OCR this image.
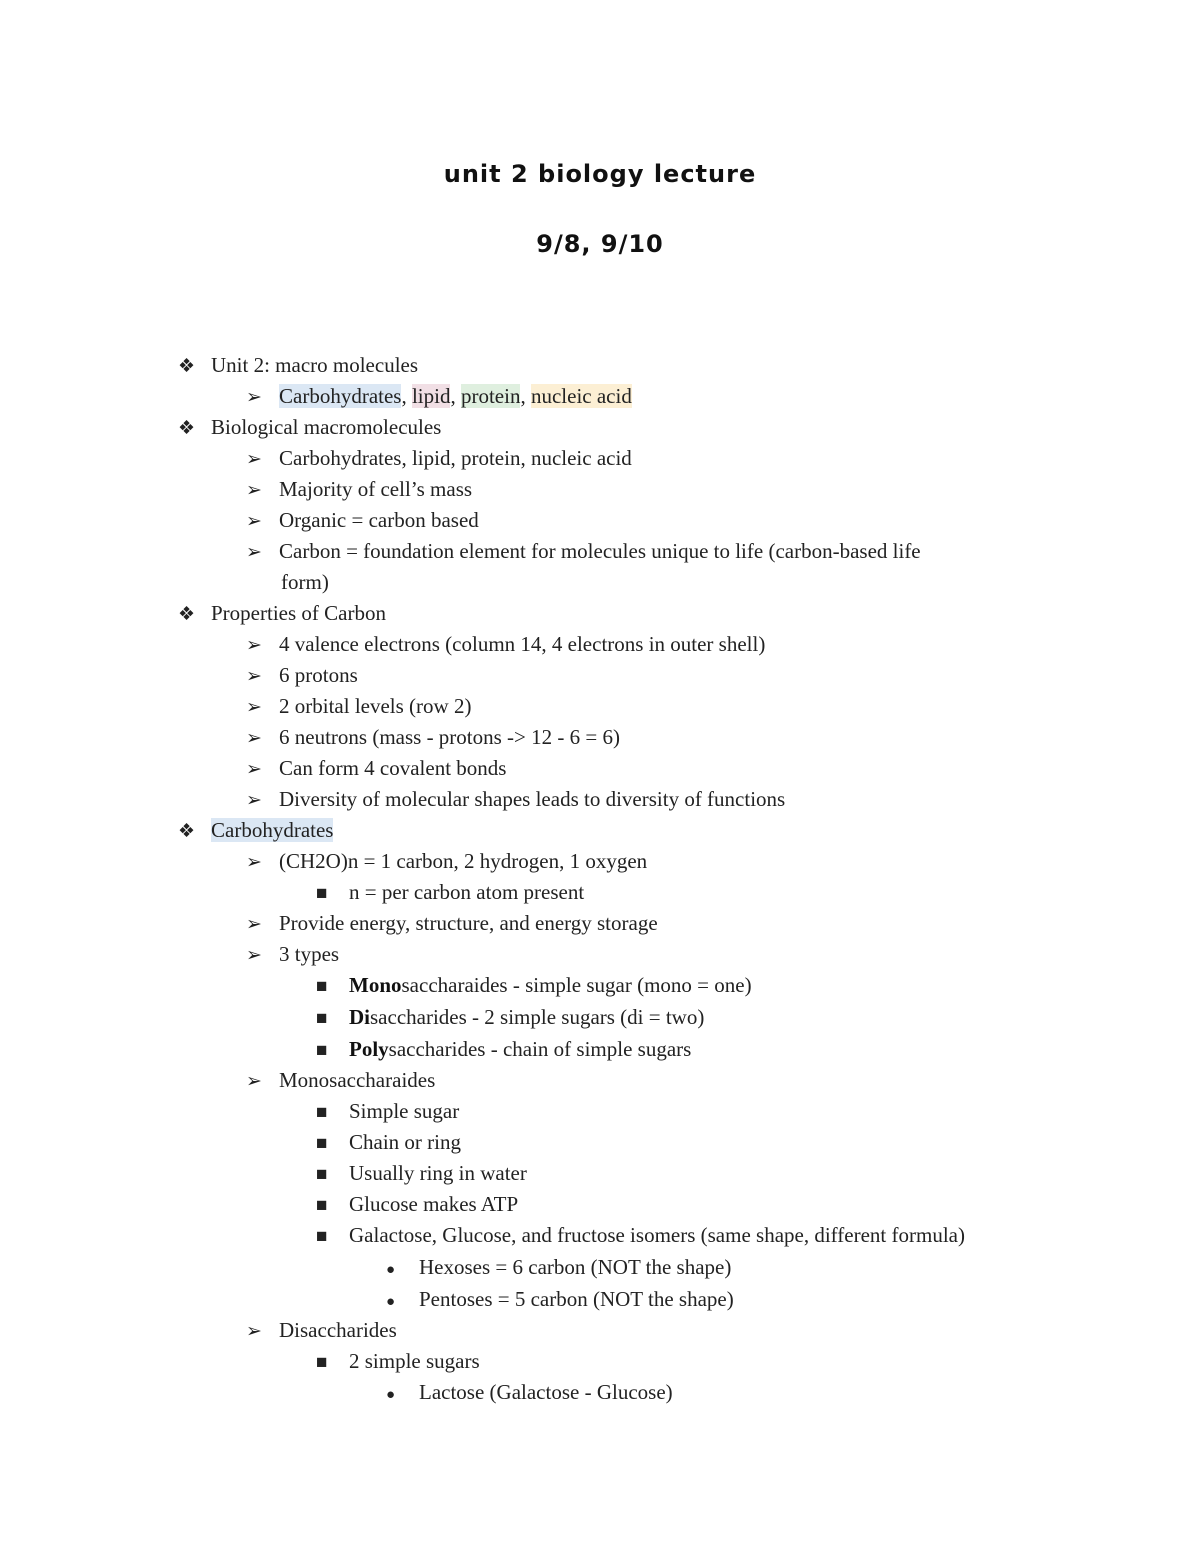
unit 2 biology lecture
9/8, 9/10
❖ Unit 2: macro molecules
➢ Carbohydrates, lipid, protein, nucleic acid
❖ Biological macromolecules
➢ Carbohydrates, lipid, protein, nucleic acid
➢ Majority of cell’s mass
➢ Organic = carbon based
➢ Carbon = foundation element for molecules unique to life (carbon-based life
form)
❖ Properties of Carbon
➢ 4 valence electrons (column 14, 4 electrons in outer shell)
➢ 6 protons
➢ 2 orbital levels (row 2)
➢ 6 neutrons (mass - protons -> 12 - 6 = 6)
➢ Can form 4 covalent bonds
➢ Diversity of molecular shapes leads to diversity of functions
❖ Carbohydrates
➢ (CH2O)n = 1 carbon, 2 hydrogen, 1 oxygen
■ n = per carbon atom present
➢ Provide energy, structure, and energy storage
➢ 3 types
■ Monosaccharaides - simple sugar (mono = one)
■ Disaccharides - 2 simple sugars (di = two)
■ Polysaccharides - chain of simple sugars
➢ Monosaccharaides
■ Simple sugar
■ Chain or ring
■ Usually ring in water
■ Glucose makes ATP
■ Galactose, Glucose, and fructose isomers (same shape, different formula)
● Hexoses = 6 carbon (NOT the shape)
● Pentoses = 5 carbon (NOT the shape)
➢ Disaccharides
■ 2 simple sugars
● Lactose (Galactose - Glucose)
